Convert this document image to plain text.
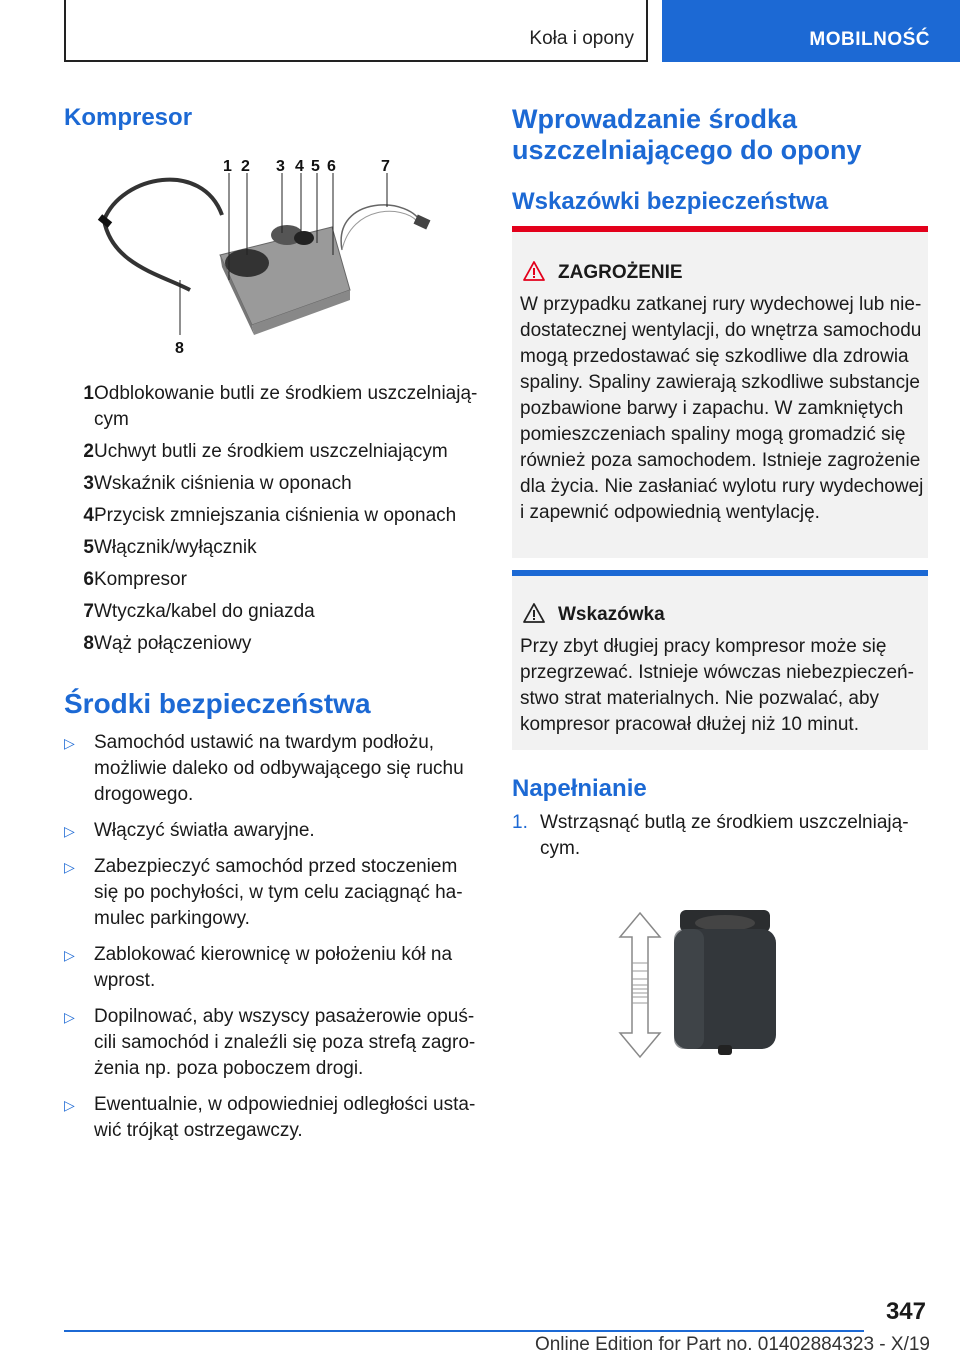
Koła i opony	MOBILNOŚĆ
Kompresor
1 2 3 4 5 6	7
8
1 Odblokowanie butli ze środkiem uszczelniającym
2 Uchwyt butli ze środkiem uszczelniającym
3 Wskaźnik ciśnienia w oponach
4 Przycisk zmniejszania ciśnienia w oponach
5 Włącznik/wyłącznik
6 Kompresor
7 Wtyczka/kabel do gniazda
8 Wąż połączeniowy
Środki bezpieczeństwa
▷	Samochód ustawić na twardym podłożu, możliwie daleko od odbywającego się ruchu drogowego.
▷	Włączyć światła awaryjne.
▷	Zabezpieczyć samochód przed stoczeniem się po pochyłości, w tym celu zaciągnąć hamulec parkingowy.
▷	Zablokować kierownicę w położeniu kół na wprost.
▷	Dopilnować, aby wszyscy pasażerowie opuścili samochód i znaleźli się poza strefą zagrożenia np. poza poboczem drogi.
▷	Ewentualnie, w odpowiedniej odległości ustawić trójkąt ostrzegawczy.
Wprowadzanie środka uszczelniającego do opony
Wskazówki bezpieczeństwa
ZAGROŻENIE
W przypadku zatkanej rury wydechowej lub niedostatecznej wentylacji, do wnętrza samochodu mogą przedostawać się szkodliwe dla zdrowia spaliny. Spaliny zawierają szkodliwe substancje pozbawione barwy i zapachu. W zamkniętych pomieszczeniach spaliny mogą gromadzić się również poza samochodem. Istnieje zagrożenie dla życia. Nie zasłaniać wylotu rury wydechowej i zapewnić odpowiednią wentylację.
Wskazówka
Przy zbyt długiej pracy kompresor może się przegrzewać. Istnieje wówczas niebezpieczeństwo strat materialnych. Nie pozwalać, aby kompresor pracował dłużej niż 10 minut.
Napełnianie
1. Wstrząsnąć butlą ze środkiem uszczelniającym.
347
Online Edition for Part no. 01402884323 - X/19
